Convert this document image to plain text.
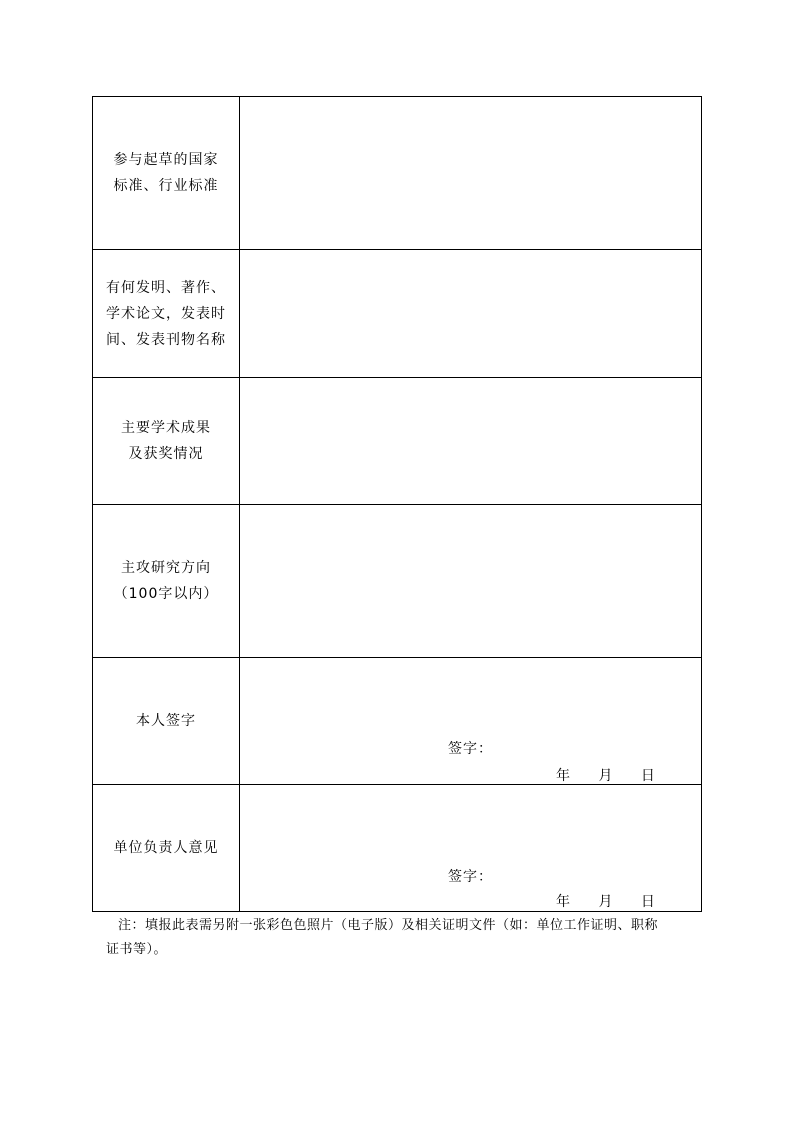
参与起草的国家
标准、行业标准	

有何发明、著作、
学术论文，发表时
间、发表刊物名称	

主要学术成果
及获奖情况	

主攻研究方向
（100字以内）	

本人签字	签字：
年 月 日

单位负责人意见	签字：
年 月 日
注：填报此表需另附一张彩色色照片（电子版）及相关证明文件（如：单位工作证明、职称
证书等）。
